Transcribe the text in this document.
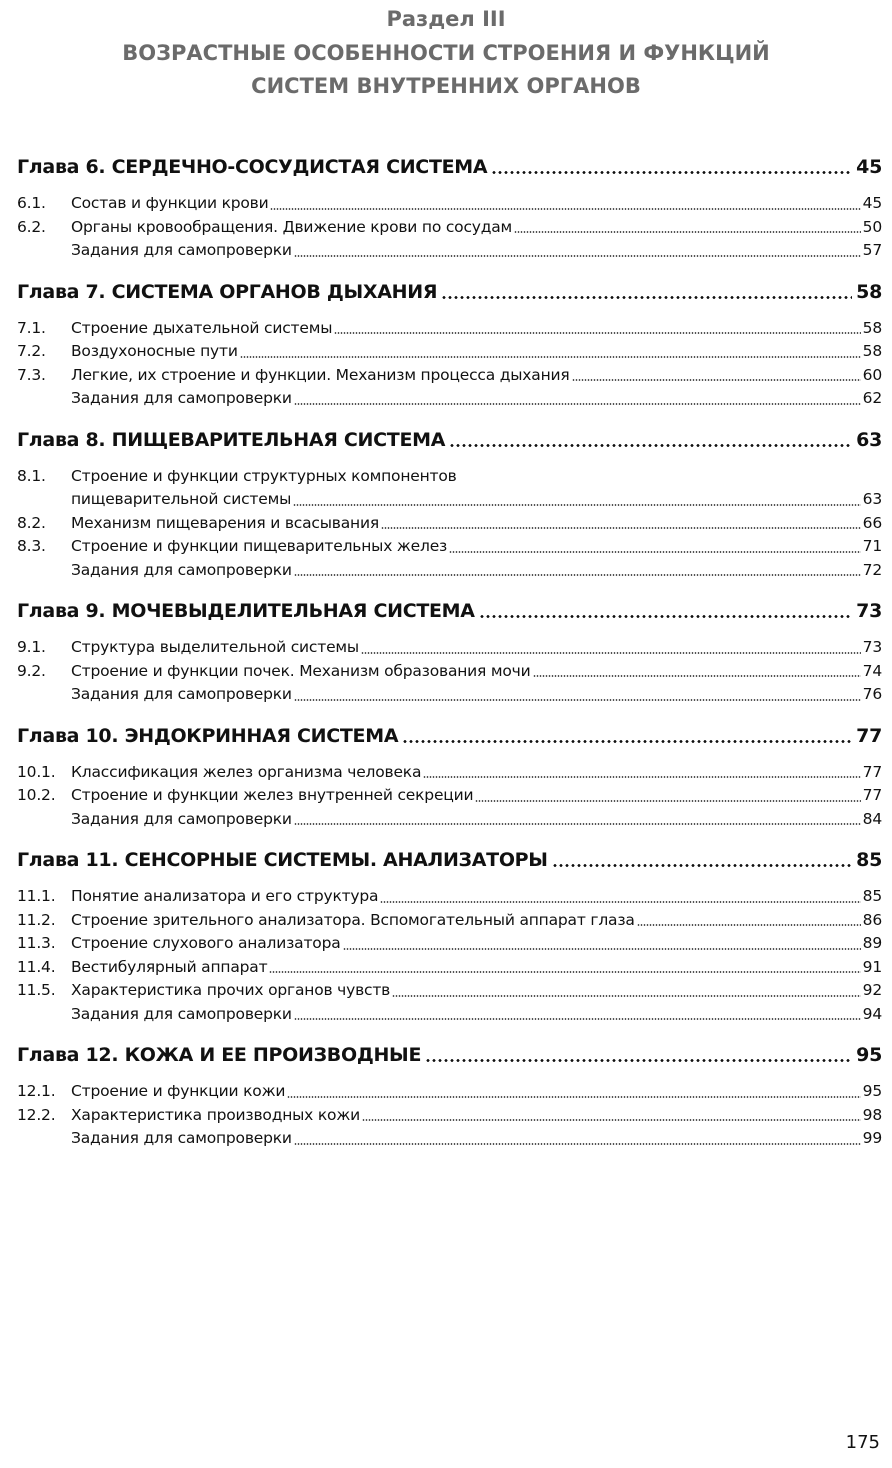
Раздел III
ВОЗРАСТНЫЕ ОСОБЕННОСТИ СТРОЕНИЯ И ФУНКЦИЙ
СИСТЕМ ВНУТРЕННИХ ОРГАНОВ
Глава 6. СЕРДЕЧНО-СОСУДИСТАЯ СИСТЕМА	45
6.1.	Состав и функции крови	45
6.2.	Органы кровообращения. Движение крови по сосудам	50
Задания для самопроверки	57
Глава 7. СИСТЕМА ОРГАНОВ ДЫХАНИЯ	58
7.1.	Строение дыхательной системы	58
7.2.	Воздухоносные пути	58
7.3.	Легкие, их строение и функции. Механизм процесса дыхания	60
Задания для самопроверки	62
Глава 8. ПИЩЕВАРИТЕЛЬНАЯ СИСТЕМА	63
8.1.	Строение и функции структурных компонентов
пищеварительной системы	63
8.2.	Механизм пищеварения и всасывания	66
8.3.	Строение и функции пищеварительных желез	71
Задания для самопроверки	72
Глава 9. МОЧЕВЫДЕЛИТЕЛЬНАЯ СИСТЕМА	73
9.1.	Структура выделительной системы	73
9.2.	Строение и функции почек. Механизм образования мочи	74
Задания для самопроверки	76
Глава 10. ЭНДОКРИННАЯ СИСТЕМА	77
10.1.	Классификация желез организма человека	77
10.2.	Строение и функции желез внутренней секреции	77
Задания для самопроверки	84
Глава 11. СЕНСОРНЫЕ СИСТЕМЫ. АНАЛИЗАТОРЫ	85
11.1.	Понятие анализатора и его структура	85
11.2.	Строение зрительного анализатора. Вспомогательный аппарат глаза	86
11.3.	Строение слухового анализатора	89
11.4.	Вестибулярный аппарат	91
11.5.	Характеристика прочих органов чувств	92
Задания для самопроверки	94
Глава 12. КОЖА И ЕЕ ПРОИЗВОДНЫЕ	95
12.1.	Строение и функции кожи	95
12.2.	Характеристика производных кожи	98
Задания для самопроверки	99
175
